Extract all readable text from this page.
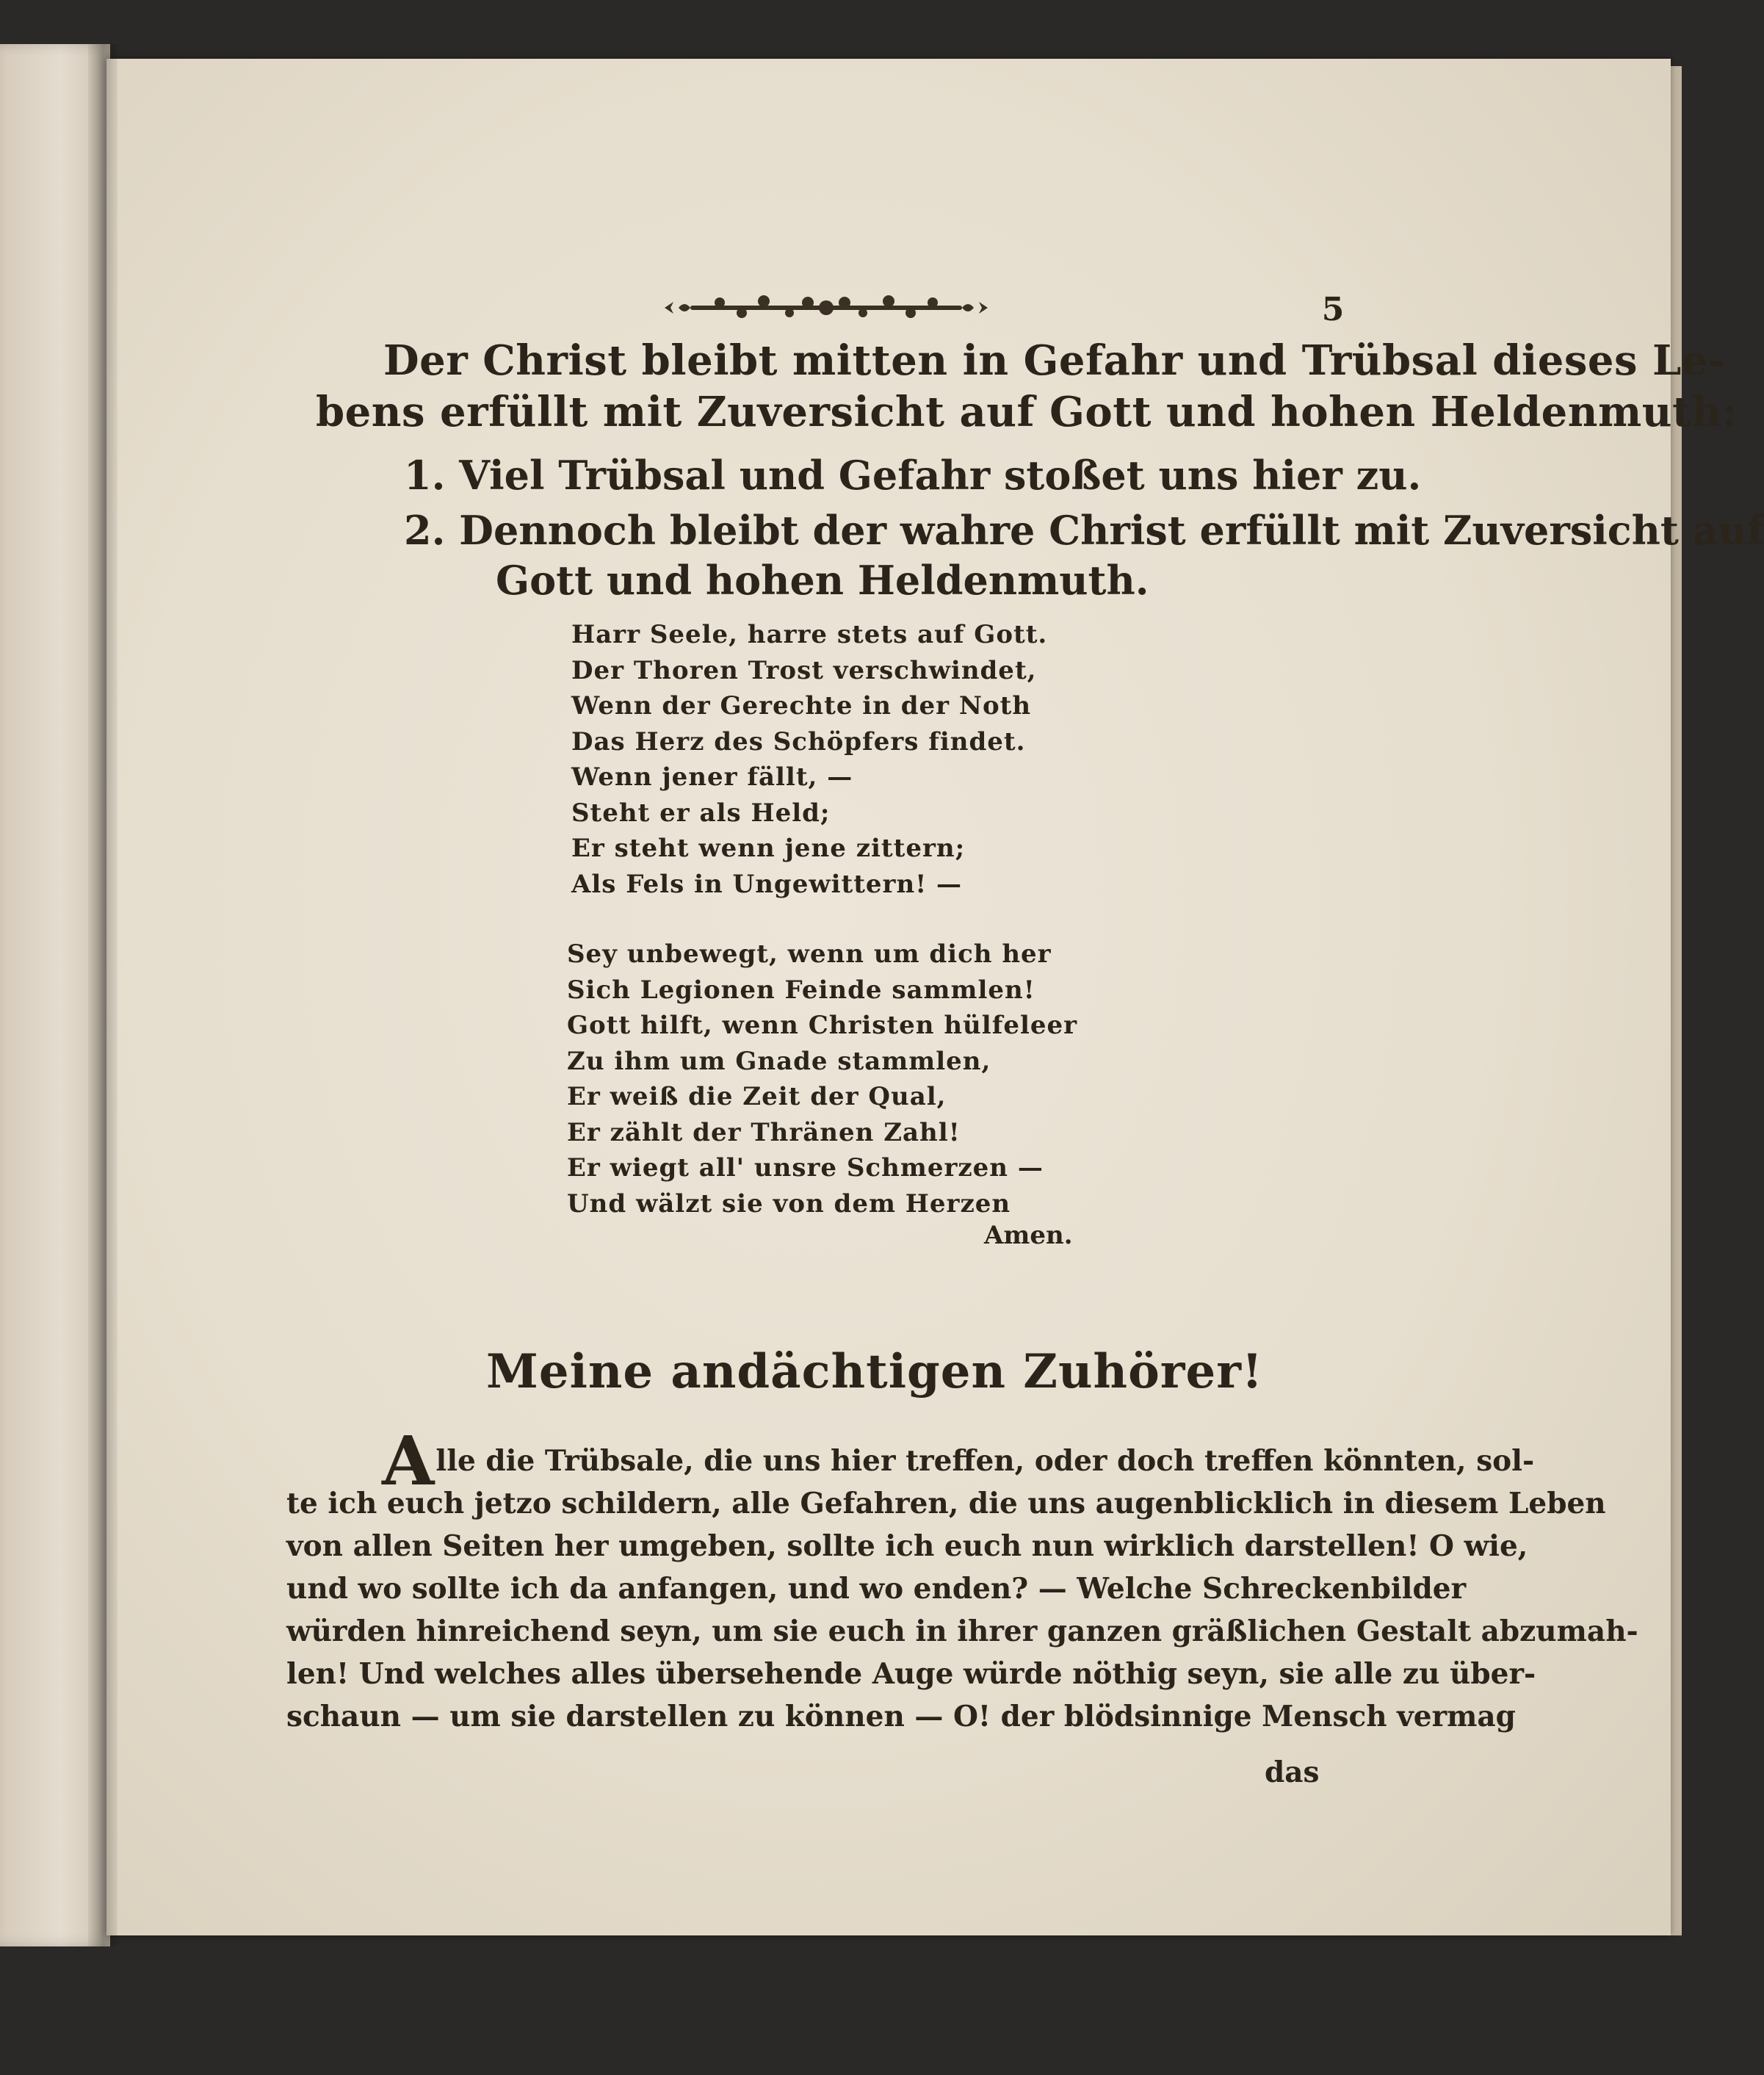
5
Der Christ bleibt mitten in Gefahr und Trübsal dieses Le-
bens erfüllt mit Zuversicht auf Gott und hohen Heldenmuth:
1. Viel Trübsal und Gefahr stoßet uns hier zu.
2. Dennoch bleibt der wahre Christ erfüllt mit Zuversicht auf
Gott und hohen Heldenmuth.
Harr Seele, harre stets auf Gott.
Der Thoren Trost verschwindet,
Wenn der Gerechte in der Noth
Das Herz des Schöpfers findet.
Wenn jener fällt, —
Steht er als Held;
Er steht wenn jene zittern;
Als Fels in Ungewittern! —
Sey unbewegt, wenn um dich her
Sich Legionen Feinde sammlen!
Gott hilft, wenn Christen hülfeleer
Zu ihm um Gnade stammlen,
Er weiß die Zeit der Qual,
Er zählt der Thränen Zahl!
Er wiegt all' unsre Schmerzen —
Und wälzt sie von dem Herzen
Amen.
Meine andächtigen Zuhörer!
Alle die Trübsale, die uns hier treffen, oder doch treffen könnten, sol-
te ich euch jetzo schildern, alle Gefahren, die uns augenblicklich in diesem Leben
von allen Seiten her umgeben, sollte ich euch nun wirklich darstellen! O wie,
und wo sollte ich da anfangen, und wo enden? — Welche Schreckenbilder
würden hinreichend seyn, um sie euch in ihrer ganzen gräßlichen Gestalt abzumah-
len! Und welches alles übersehende Auge würde nöthig seyn, sie alle zu über-
schaun — um sie darstellen zu können — O! der blödsinnige Mensch vermag
das
